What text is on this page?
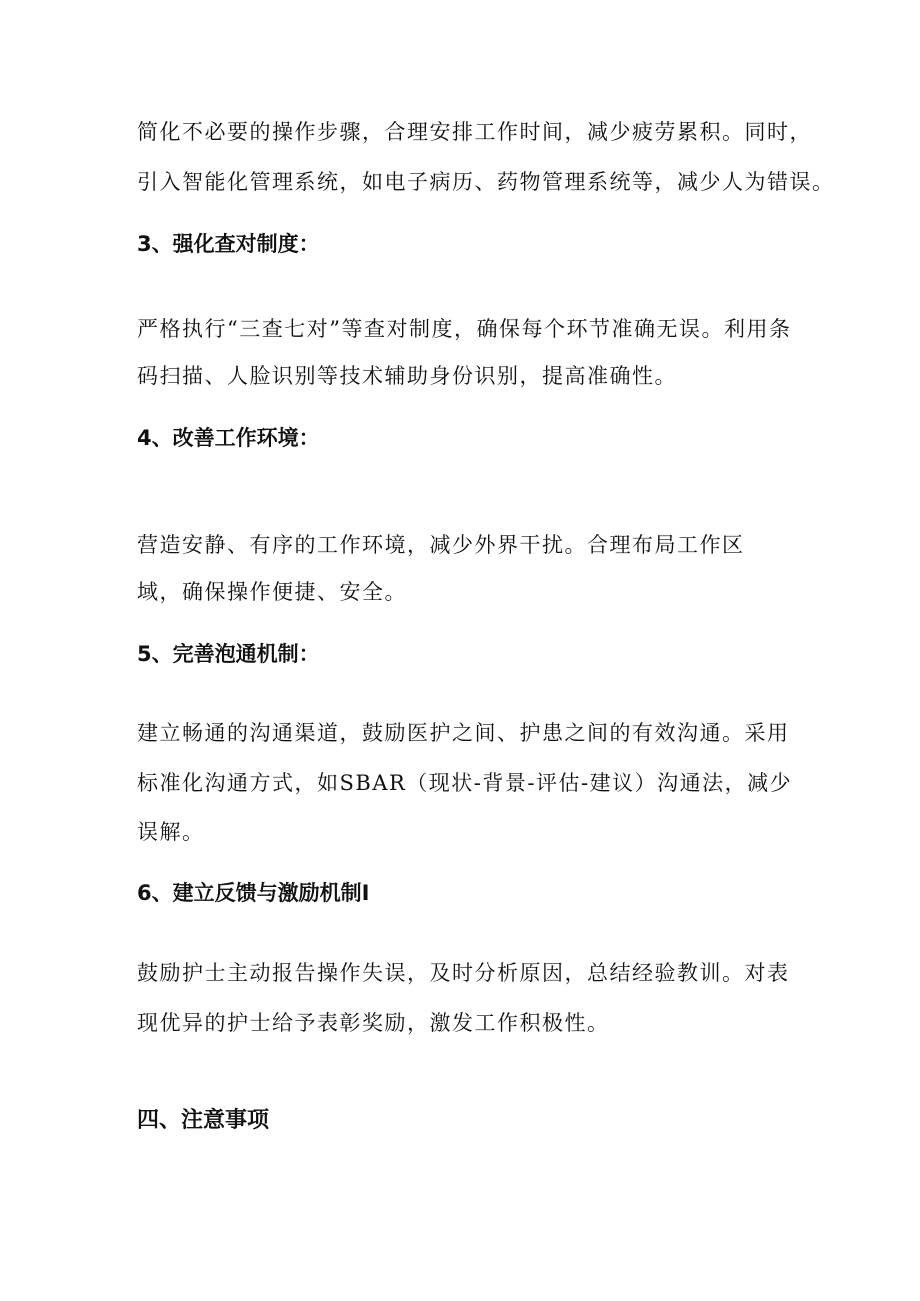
简化不必要的操作步骤，合理安排工作时间，减少疲劳累积。同时，
引入智能化管理系统，如电子病历、药物管理系统等，减少人为错误。
3、强化查对制度：
严格执行“三查七对”等查对制度，确保每个环节准确无误。利用条
码扫描、人脸识别等技术辅助身份识别，提高准确性。
4、改善工作环境：
营造安静、有序的工作环境，减少外界干扰。合理布局工作区
域，确保操作便捷、安全。
5、完善泡通机制：
建立畅通的沟通渠道，鼓励医护之间、护患之间的有效沟通。采用
标准化沟通方式，如SBAR（现状-背景-评估-建议）沟通法，减少
误解。
6、建立反馈与激励机制I
鼓励护士主动报告操作失误，及时分析原因，总结经验教训。对表
现优异的护士给予表彰奖励，激发工作积极性。
四、注意事项
